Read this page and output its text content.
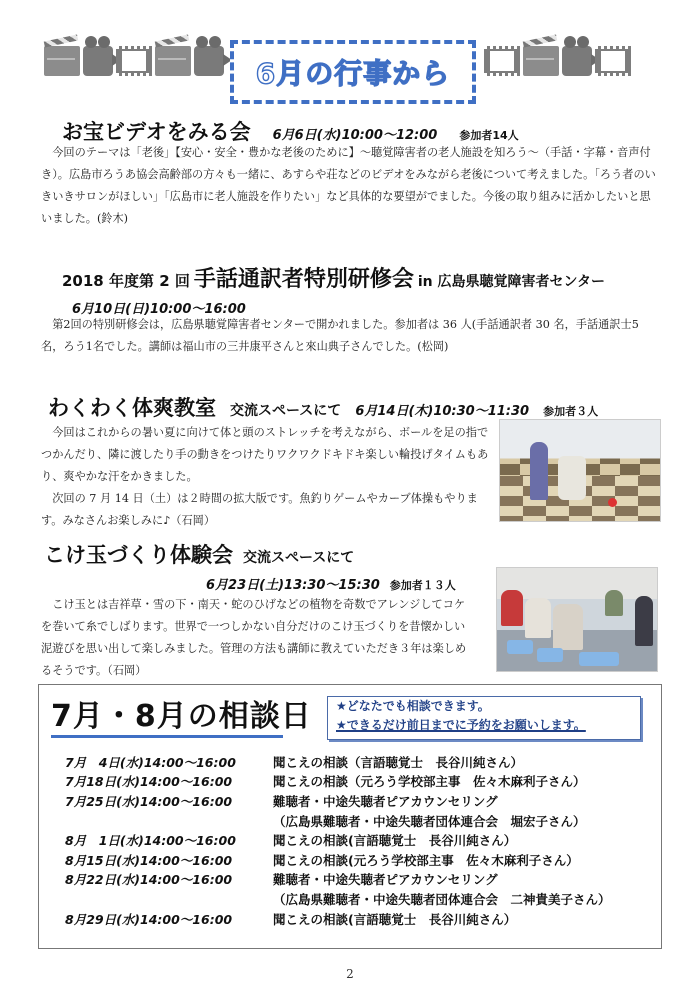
6月の行事から
お宝ビデオをみる会 6月6日(水)10:00～12:00 参加者14人

今回のテーマは「老後」【安心・安全・豊かな老後のために】～聴覚障害者の老人施設を知ろう～（手話・字幕・音声付き）。広島市ろうあ協会高齢部の方々も一緒に、あすらや荘などのビデオをみながら老後について考えました。「ろう者のいきいきサロンがほしい」「広島市に老人施設を作りたい」など具体的な要望がでました。今後の取り組みに活かしたいと思いました。(鈴木)

2018 年度第 2 回 手話通訳者特別研修会 in 広島県聴覚障害者センター
6月10日(日)10:00～16:00

第2回の特別研修会は，広島県聴覚障害者センターで開かれました。参加者は 36 人(手話通訳者 30 名，手話通訳士5名，ろう1名でした。講師は福山市の三井康平さんと來山典子さんでした。(松岡)

わくわく体爽教室 交流スペースにて 6月14日(木)10:30～11:30 参加者３人

今回はこれからの暑い夏に向けて体と頭のストレッチを考えながら、ボールを足の指でつかんだり、隣に渡したり手の動きをつけたりワクワクドキドキ楽しい輪投げタイムもあり、爽やかな汗をかきました。

次回の 7 月 14 日（土）は２時間の拡大版です。魚釣りゲームやカーブ体操もやります。みなさんお楽しみに♪（石岡）

こけ玉づくり体験会 交流スペースにて
6月23日(土)13:30～15:30 参加者１３人

こけ玉とは吉祥草・雪の下・南天・蛇のひげなどの植物を奇数でアレンジしてコケを巻いて糸でしばります。世界で一つしかない自分だけのこけ玉づくりを昔懐かしい泥遊びを思い出して楽しみました。管理の方法も講師に教えていただき３年は楽しめるそうです。（石岡）

7月・8月の相談日	★どなたでも相談できます。
★できるだけ前日までに予約をお願いします。
7月　4日(水)14:00～16:00	聞こえの相談（言語聴覚士　長谷川純さん）
7月18日(水)14:00～16:00	聞こえの相談（元ろう学校部主事　佐々木麻利子さん）
7月25日(水)14:00～16:00	難聴者・中途失聴者ピアカウンセリング
（広島県難聴者・中途失聴者団体連合会　堀宏子さん）
8月　1日(水)14:00～16:00	聞こえの相談(言語聴覚士　長谷川純さん）
8月15日(水)14:00～16:00	聞こえの相談(元ろう学校部主事　佐々木麻利子さん）
8月22日(水)14:00～16:00	難聴者・中途失聴者ピアカウンセリング
（広島県難聴者・中途失聴者団体連合会　二神貴美子さん）
8月29日(水)14:00～16:00	聞こえの相談(言語聴覚士　長谷川純さん）
2
